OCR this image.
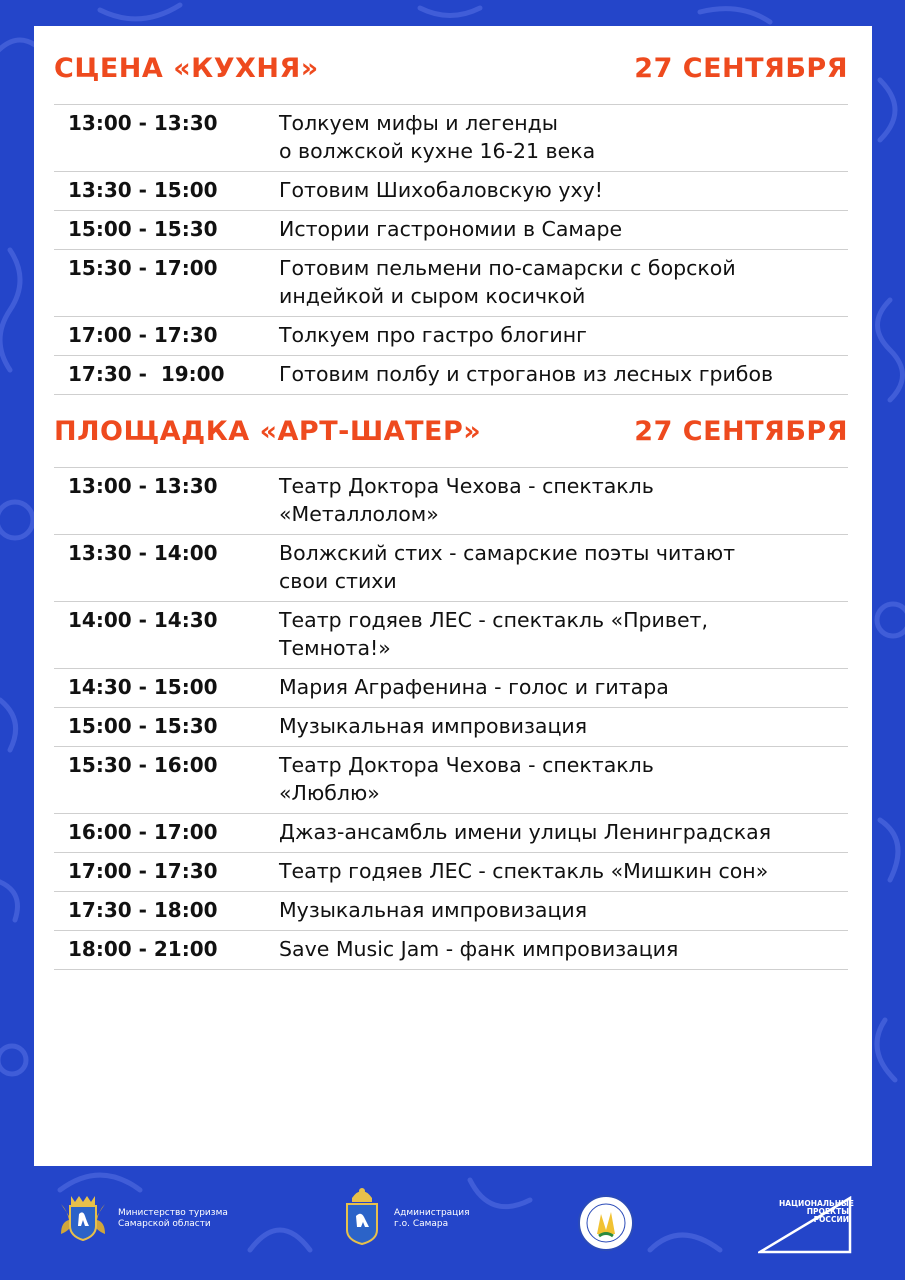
СЦЕНА «КУХНЯ»	27 СЕНТЯБРЯ
13:00 - 13:30	Толкуем мифы и легенды
о волжской кухне 16-21 века
13:30 - 15:00	Готовим Шихобаловскую уху!
15:00 - 15:30	Истории гастрономии в Самаре
15:30 - 17:00	Готовим пельмени по-самарски с борской
индейкой и сыром косичкой
17:00 - 17:30	Толкуем про гастро блогинг
17:30 -  19:00	Готовим полбу и строганов из лесных грибов
ПЛОЩАДКА «АРТ-ШАТЕР»	27 СЕНТЯБРЯ
13:00 - 13:30	Театр Доктора Чехова - спектакль
«Металлолом»
13:30 - 14:00	Волжский стих - самарские поэты читают
свои стихи
14:00 - 14:30	Театр годяев ЛЕС - спектакль «Привет,
Темнота!»
14:30 - 15:00	Мария Аграфенина - голос и гитара
15:00 - 15:30	Музыкальная импровизация
15:30 - 16:00	Театр Доктора Чехова - спектакль
«Люблю»
16:00 - 17:00	Джаз-ансамбль имени улицы Ленинградская
17:00 - 17:30	Театр годяев ЛЕС - спектакль «Мишкин сон»
17:30 - 18:00	Музыкальная импровизация
18:00 - 21:00	Save Music Jam - фанк импровизация
Министерство туризма
Самарской области
Администрация
г.о. Самара
НАЦИОНАЛЬНЫЕ
ПРОЕКТЫ
РОССИИ
